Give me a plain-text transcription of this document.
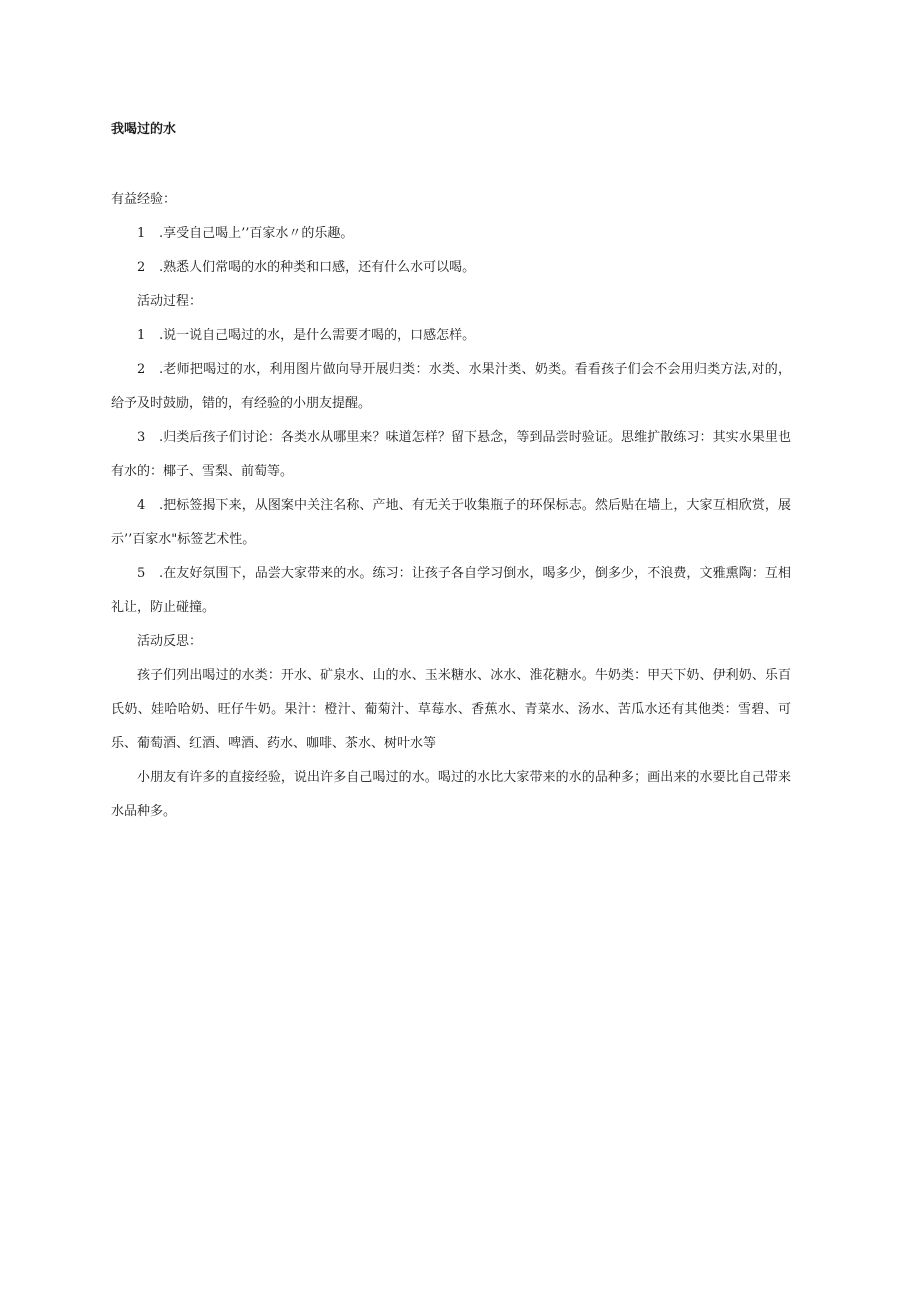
我喝过的水

有益经验：

1 .享受自己喝上’’百家水〃的乐趣。

2 .熟悉人们常喝的水的种类和口感，还有什么水可以喝。

活动过程：

1 .说一说自己喝过的水，是什么需要才喝的，口感怎样。

2 .老师把喝过的水，利用图片做向导开展归类：水类、水果汁类、奶类。看看孩子们会不会用归类方法,对的，给予及时鼓励，错的，有经验的小朋友提醒。

3 .归类后孩子们讨论：各类水从哪里来？味道怎样？留下悬念，等到品尝时验证。思维扩散练习：其实水果里也有水的：椰子、雪梨、前萄等。

4 .把标签揭下来，从图案中关注名称、产地、有无关于收集瓶子的环保标志。然后贴在墙上，大家互相欣赏，展示’’百家水"标签艺术性。

5 .在友好氛围下，品尝大家带来的水。练习：让孩子各自学习倒水，喝多少，倒多少，不浪费，文雅熏陶：互相礼让，防止碰撞。

活动反思：

孩子们列出喝过的水类：开水、矿泉水、山的水、玉米糖水、冰水、淮花糖水。牛奶类：甲天下奶、伊利奶、乐百氏奶、娃哈哈奶、旺仔牛奶。果汁：橙汁、葡菊汁、草莓水、香蕉水、青菜水、汤水、苦瓜水还有其他类：雪碧、可乐、葡萄酒、红酒、啤酒、药水、咖啡、茶水、树叶水等

小朋友有许多的直接经验，说出许多自己喝过的水。喝过的水比大家带来的水的品种多；画出来的水要比自己带来水品种多。
